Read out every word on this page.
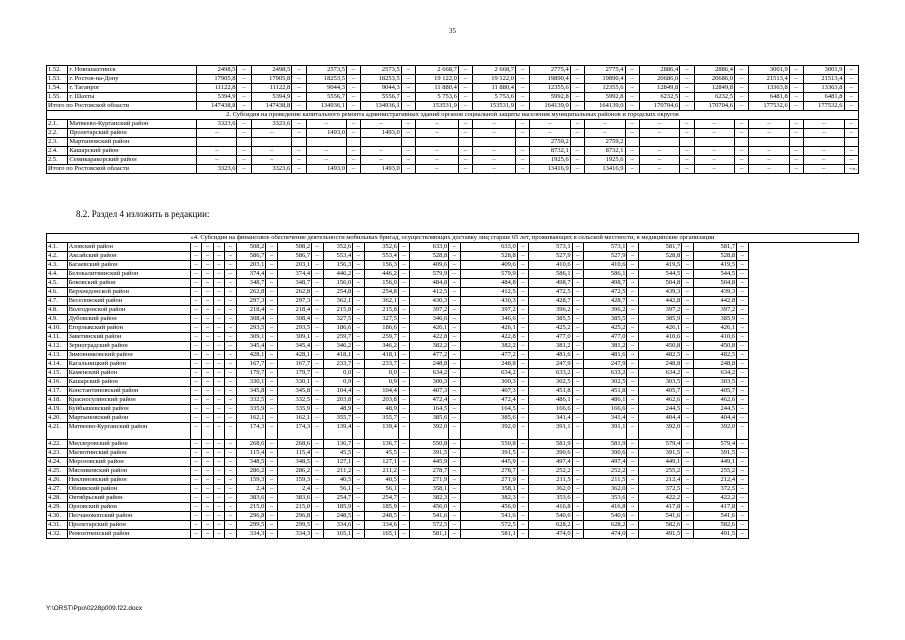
35
1.52.	г. Новошахтинск	2498,5	–	2498,5	–	2573,5	–	2573,5	–	2 668,7	–	2 668,7	–	2775,4	–	2775,4	–	2886,4	–	2886,4	–	3001,9	–	3001,9	–
1.53.	г. Ростов-на-Дону	17905,8	–	17905,8	–	18253,5	–	18253,5	–	19 122,0	–	19 122,0	–	19890,4	–	19890,4	–	20686,0	–	20686,0	–	21513,4	–	21513,4	–
1.54.	г. Таганрог	11122,8	–	11122,8	–	9044,3	–	9044,3	–	11 880,4	–	11 880,4	–	12355,6	–	12355,6	–	12849,8	–	12849,8	–	13363,8	–	13363,8	–
1.55.	г. Шахты	5394,9	–	5394,9	–	5556,7	–	5556,7	–	5 753,6	–	5 753,6	–	5992,8	–	5992,8	–	6232,5	–	6232,5	–	6481,8	–	6481,8	–
Итого по Ростовской области		147438,8	–	147438,8	–	134936,1	–	134936,1	–	153531,9	–	153531,9	–	164139,0	–	164139,0	–	170704,6	–	170704,6	–	177532,6	–	177532,6	–
2. Субсидия на проведение капитального ремонта административных зданий органов социальной защиты населения муниципальных районов и городских округов																									
2.1.	Матвеево-Курганский район	3323,6	–	3323,6	–	–	–	–	–	–	–	–	–	–	–	–	–	–	–	–	–	–	–	–	–
2.2.	Пролетарский район	–	–	–	–	1493,0	–	1493,0	–	–	–	–	–	–	–	–	–	–	–	–	–	–	–	–	–
2.3.	Мартыновский район													2759,2		2759,2									
2.4.	Кашарский район	–	–	–	–	–	–	–	–	–	–	–	–	8732,1	–	8732,1	–	–	–	–	–	–	–	–	–
2.5.	Семикаракорский район	–	–	–	–	–	–	–	–	–	–	–	–	1925,6	–	1925,6	–	–	–	–	–	–	–	–	–
Итого по Ростовской области		3323,6	–	3323,6	–	1493,0	–	1493,0	–	–	–	–	–	13416,9	–	13416,9	–	–	–	–	–	–	–	–	–».
8.2. Раздел 4 изложить в редакции:
«4. Субсидия на финансовое обеспечение деятельности мобильных бригад, осуществляющих доставку лиц старше 65 лет, проживающих в сельской местности, в медицинские организации																									
4.1.	Азовский район	–	–	–	–	508,2	–	508,2	–	352,6	–	352,6	–	633,0	–	633,0	–	573,1	–	573,1	–	581,7	–	581,7	–
4.2.	Аксайский район	–	–	–	–	586,7	–	586,7	–	553,4	–	553,4	–	528,8	–	528,8	–	527,9	–	527,9	–	528,8	–	528,8	–
4.3.	Багаевский район	–	–	–	–	203,1	–	203,1	–	156,3	–	156,3	–	409,6	–	409,6	–	410,6	–	410,6	–	419,5	–	419,5	–
4.4.	Белокалитвинский район	–	–	–	–	374,4	–	374,4	–	446,2	–	446,2	–	579,9	–	579,9	–	586,1	–	586,1	–	544,5	–	544,5	–
4.5.	Боковский район	–	–	–	–	348,7	–	348,7	–	156,0	–	156,0	–	484,8	–	484,8	–	498,7	–	498,7	–	504,8	–	504,8	–
4.6.	Верхнедонской район	–	–	–	–	262,8	–	262,8	–	254,8	–	254,8	–	412,5	–	412,5	–	472,5	–	472,5	–	439,3	–	439,3	–
4.7.	Веселовский район	–	–	–	–	297,3	–	297,3	–	362,1	–	362,1	–	430,3	–	430,3	–	428,7	–	428,7	–	442,8	–	442,8	–
4.8.	Волгодонской район	–	–	–	–	218,4	–	218,4	–	215,8	–	215,8	–	397,2	–	397,2	–	396,2	–	396,2	–	397,2	–	397,2	–
4.9.	Дубовский район	–	–	–	–	308,4	–	308,4	–	327,5	–	327,5	–	346,6	–	346,6	–	385,5	–	385,5	–	385,9	–	385,9	–
4.10.	Егорлыкский район	–	–	–	–	293,5	–	293,5	–	186,6	–	186,6	–	426,1	–	426,1	–	425,2	–	425,2	–	426,1	–	426,1	–
4.11.	Заветинский район	–	–	–	–	309,1	–	309,1	–	259,7	–	259,7	–	422,8	–	422,8	–	477,0	–	477,0	–	410,6	–	410,6	–
4.12.	Зерноградский район	–	–	–	–	345,4	–	345,4	–	346,2	–	346,2	–	382,2	–	382,2	–	381,2	–	381,2	–	450,8	–	450,8	–
4.13.	Зимовниковский район	–	–	–	–	428,1	–	428,1	–	418,1	–	418,1	–	477,2	–	477,2	–	481,6	–	481,6	–	482,5	–	482,5	–
4.14.	Кагальницкий район	–	–	–	–	167,7	–	167,7	–	233,7	–	233,7	–	248,8	–	248,8	–	247,9	–	247,9	–	248,8	–	248,8	–
4.15.	Каменский район	–	–	–	–	179,7	–	179,7	–	0,0	–	0,0	–	634,2	–	634,2	–	633,2	–	633,2	–	634,2	–	634,2	–
4.16.	Кашарский район	–	–	–	–	330,1	–	330,1	–	0,9	–	0,9	–	300,3	–	300,3	–	302,5	–	302,5	–	303,5	–	303,5	–
4.17.	Константиновский район	–	–	–	–	345,8	–	345,8	–	104,4	–	104,4	–	407,3	–	407,3	–	451,8	–	451,8	–	405,7	–	405,7	–
4.18.	Красносулинский район	–	–	–	–	332,5	–	332,5	–	203,8	–	203,8	–	472,4	–	472,4	–	486,1	–	486,1	–	462,6	–	462,6	–
4.19.	Куйбышевский район	–	–	–	–	335,9	–	335,9	–	48,9	–	48,9	–	164,5	–	164,5	–	166,6	–	166,6	–	244,5	–	244,5	–
4.20.	Мартыновский район	–	–	–	–	162,1	–	162,1	–	355,7	–	355,7	–	385,6	–	385,6	–	341,4	–	341,4	–	404,4	–	404,4	–
4.21.	Матвеево-Курганский район	–	–	–	–	174,3	–	174,3	–	139,4	–	139,4	–	392,0	–	392,0	–	391,1	–	391,1	–	392,0	–	392,0	–
4.22.	Миллеровский район	–	–	–	–	268,6	–	268,6	–	136,7	–	136,7	–	550,8	–	550,8	–	581,9	–	581,9	–	579,4	–	579,4	–
4.23.	Милютинский район	–	–	–	–	115,4	–	115,4	–	45,5	–	45,5	–	391,5	–	391,5	–	390,6	–	390,6	–	391,5	–	391,5	–
4.24.	Морозовский район	–	–	–	–	348,5	–	348,5	–	127,1	–	127,1	–	445,9	–	445,9	–	497,4	–	497,4	–	449,1	–	449,1	–
4.25.	Мясниковский район	–	–	–	–	286,2	–	286,2	–	211,2	–	211,2	–	278,7	–	278,7	–	252,2	–	252,2	–	255,2	–	255,2	–
4.26.	Неклиновский район	–	–	–	–	159,3	–	159,3	–	40,5	–	40,5	–	271,9	–	271,9	–	211,5	–	211,5	–	212,4	–	212,4	–
4.27.	Обливский район	–	–	–	–	2,4	–	2,4	–	56,1	–	56,1	–	358,1	–	358,1	–	362,0	–	362,0	–	372,5	–	372,5	–
4.28.	Октябрьский район	–	–	–	–	383,6	–	383,6	–	254,7	–	254,7	–	382,3	–	382,3	–	353,6	–	353,6	–	422,2	–	422,2	–
4.29.	Орловский район	–	–	–	–	215,0	–	215,0	–	185,9	–	185,9	–	456,0	–	456,0	–	416,8	–	416,8	–	417,8	–	417,8	–
4.30.	Песчанокопский район	–	–	–	–	296,8	–	296,8	–	248,5	–	248,5	–	541,6	–	541,6	–	540,6	–	540,6	–	541,6	–	541,6	–
4.31.	Пролетарский район	–	–	–	–	299,5	–	299,5	–	334,6	–	334,6	–	572,5	–	572,5	–	628,2	–	628,2	–	582,6	–	582,6	–
4.32.	Ремонтненский район	–	–	–	–	334,3	–	334,3	–	165,1	–	165,1	–	581,1	–	581,1	–	474,0	–	474,0	–	491,5	–	491,5	–
Y:\ORST\Ppo\0228p009.f22.docx
